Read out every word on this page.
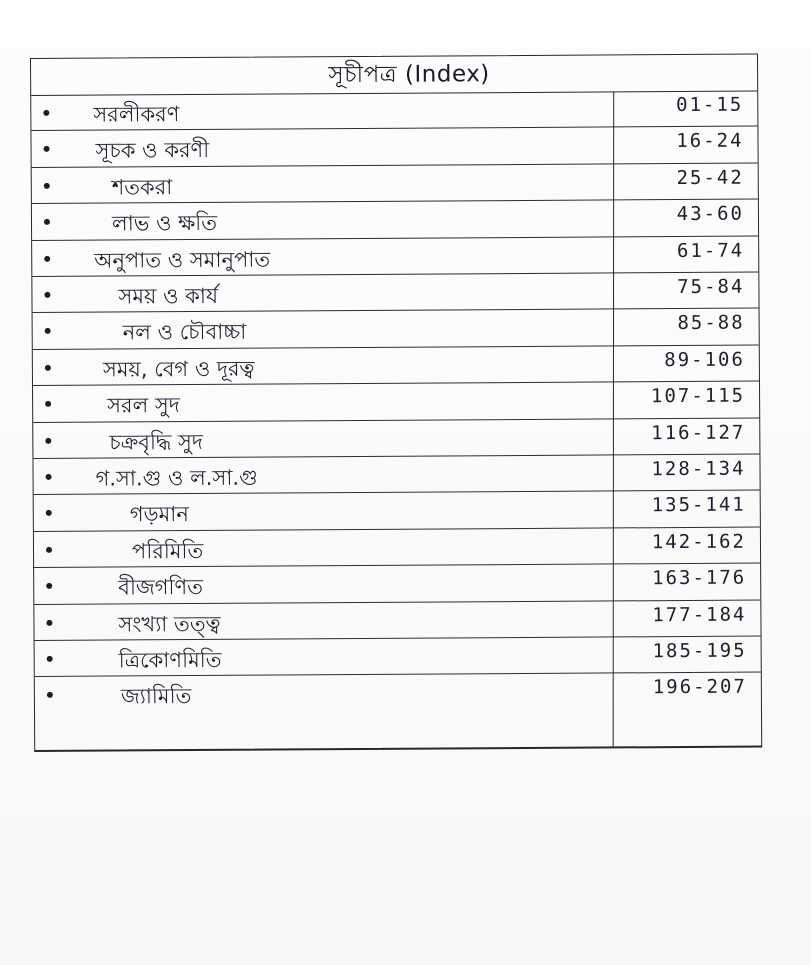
সূচীপত্র (Index)
সরলীকরণ	01-15
সূচক ও করণী	16-24
শতকরা	25-42
লাভ ও ক্ষতি	43-60
অনুপাত ও সমানুপাত	61-74
সময় ও কার্য	75-84
নল ও চৌবাচ্চা	85-88
সময়, বেগ ও দূরত্ব	89-106
সরল সুদ	107-115
চক্রবৃদ্ধি সুদ	116-127
গ.সা.গু ও ল.সা.গু	128-134
গড়মান	135-141
পরিমিতি	142-162
বীজগণিত	163-176
সংখ্যা তত্ত্ব	177-184
ত্রিকোণমিতি	185-195
জ্যামিতি	196-207
